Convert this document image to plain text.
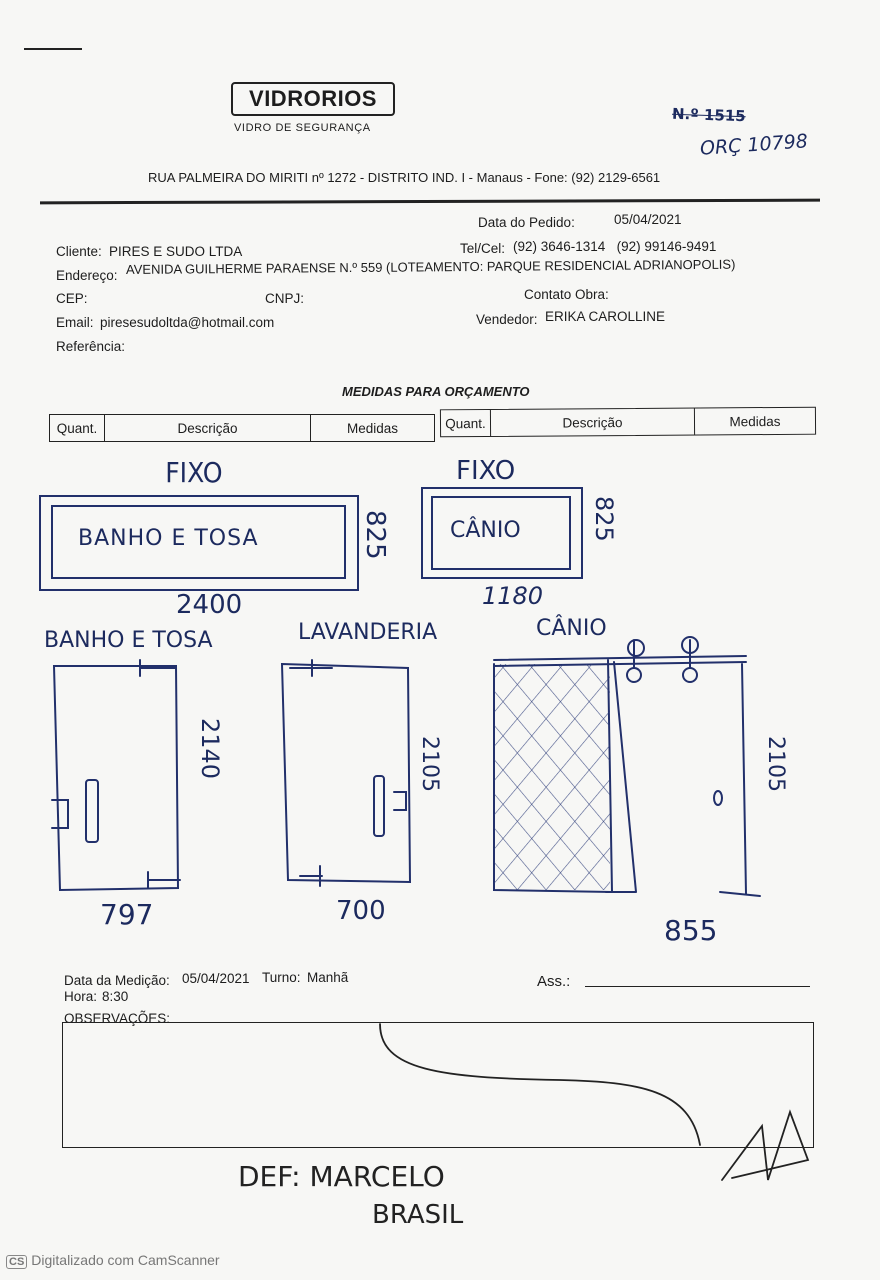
VIDRORIOS
VIDRO DE SEGURANÇA
N.º 1515
ORÇ 10798
RUA PALMEIRA DO MIRITI nº 1272 - DISTRITO IND. I - Manaus - Fone: (92) 2129-6561
Data do Pedido:	05/04/2021
Cliente: PIRES E SUDO LTDA	Tel/Cel: (92) 3646-1314   (92) 99146-9491
Endereço: AVENIDA GUILHERME PARAENSE N.º 559 (LOTEAMENTO: PARQUE RESIDENCIAL ADRIANOPOLIS)
CEP:	CNPJ:	Contato Obra:
Email: piresesudoltda@hotmail.com	Vendedor: ERIKA CAROLLINE
Referência:
MEDIDAS PARA ORÇAMENTO
Quant.	Descrição	Medidas	Quant.	Descrição	Medidas
FIXO
BANHO E TOSA	825
2400
FIXO
CÂNIO	825
1180
BANHO E TOSA
2140
797
LAVANDERIA
2105
700
CÂNIO
2105
855
Data da Medição: 05/04/2021 Turno: Manhã
Hora: 8:30
Ass.:
OBSERVAÇÕES:
DEF: MARCELO
BRASIL
CS Digitalizado com CamScanner
